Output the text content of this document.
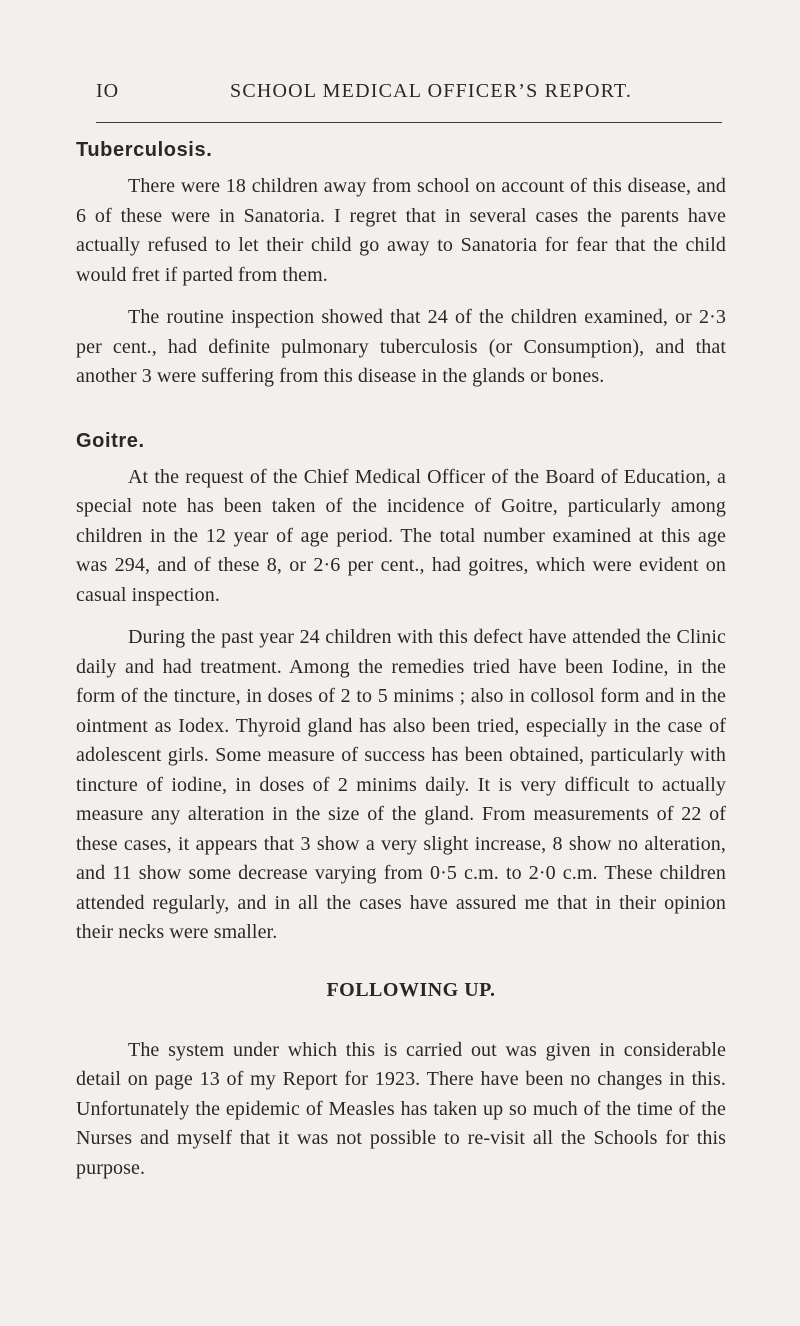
IO	SCHOOL MEDICAL OFFICER’S REPORT.
Tuberculosis.

There were 18 children away from school on account of this disease, and 6 of these were in Sanatoria. I regret that in several cases the parents have actually refused to let their child go away to Sanatoria for fear that the child would fret if parted from them.

The routine inspection showed that 24 of the children examined, or 2·3 per cent., had definite pulmonary tuberculosis (or Consumption), and that another 3 were suffering from this disease in the glands or bones.

Goitre.

At the request of the Chief Medical Officer of the Board of Education, a special note has been taken of the incidence of Goitre, particularly among children in the 12 year of age period. The total number examined at this age was 294, and of these 8, or 2·6 per cent., had goitres, which were evident on casual inspection.

During the past year 24 children with this defect have attended the Clinic daily and had treatment. Among the remedies tried have been Iodine, in the form of the tincture, in doses of 2 to 5 minims ; also in collosol form and in the ointment as Iodex. Thyroid gland has also been tried, especially in the case of adolescent girls. Some measure of success has been obtained, particularly with tincture of iodine, in doses of 2 minims daily. It is very difficult to actually measure any alteration in the size of the gland. From measurements of 22 of these cases, it appears that 3 show a very slight increase, 8 show no alteration, and 11 show some decrease varying from 0·5 c.m. to 2·0 c.m. These children attended regularly, and in all the cases have assured me that in their opinion their necks were smaller.

FOLLOWING UP.

The system under which this is carried out was given in considerable detail on page 13 of my Report for 1923. There have been no changes in this. Unfortunately the epidemic of Measles has taken up so much of the time of the Nurses and myself that it was not possible to re-visit all the Schools for this purpose.
